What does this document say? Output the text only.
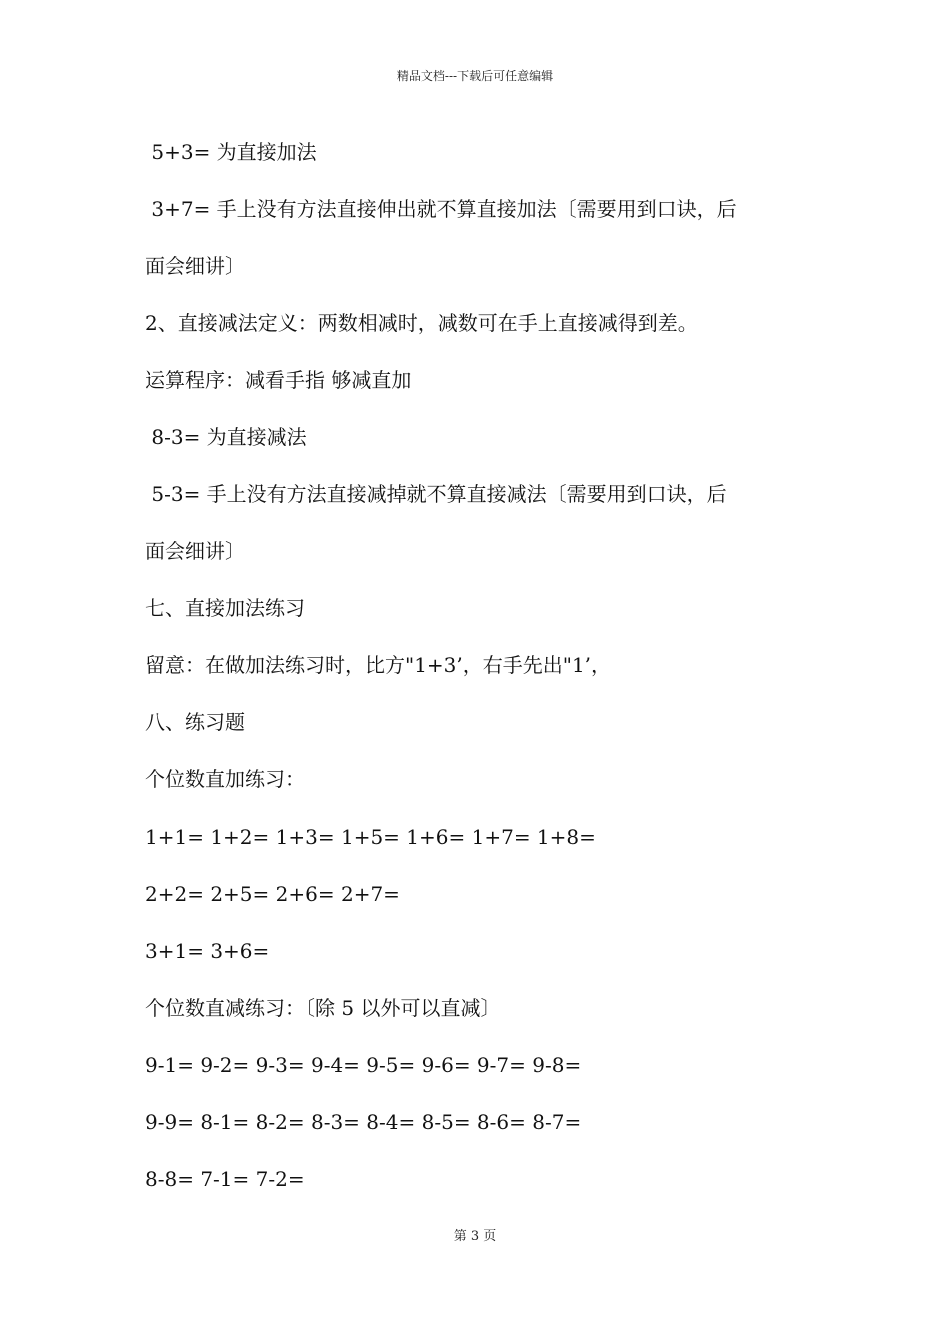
精品文档---下载后可任意编辑
5+3= 为直接加法
3+7= 手上没有方法直接伸出就不算直接加法〔需要用到口诀，后
面会细讲〕
2、直接减法定义：两数相减时，减数可在手上直接减得到差。
运算程序：减看手指 够减直加
8-3= 为直接减法
5-3= 手上没有方法直接减掉就不算直接减法〔需要用到口诀，后
面会细讲〕
七、直接加法练习
留意：在做加法练习时，比方"1+3’，右手先出"1’，
八、练习题
个位数直加练习：
1+1= 1+2= 1+3= 1+5= 1+6= 1+7= 1+8=
2+2= 2+5= 2+6= 2+7=
3+1= 3+6=
个位数直减练习：〔除 5 以外可以直减〕
9-1= 9-2= 9-3= 9-4= 9-5= 9-6= 9-7= 9-8=
9-9= 8-1= 8-2= 8-3= 8-4= 8-5= 8-6= 8-7=
8-8= 7-1= 7-2=
第 3 页
